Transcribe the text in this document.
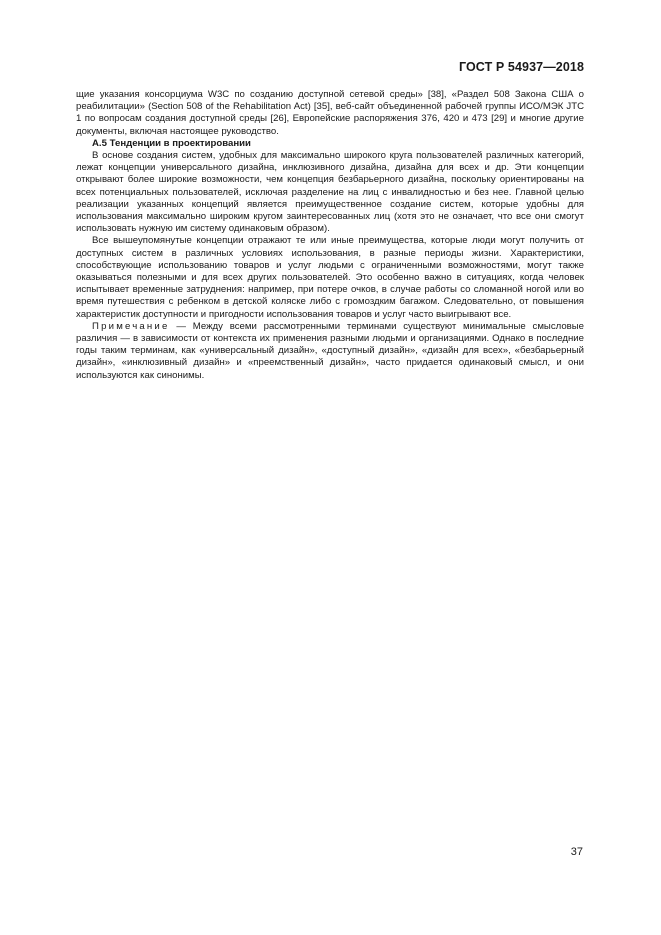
ГОСТ Р 54937—2018

щие указания консорциума W3C по созданию доступной сетевой среды» [38], «Раздел 508 Закона США о реабилитации» (Section 508 of the Rehabilitation Act) [35], веб-сайт объединенной рабочей группы ИСО/МЭК JTC 1 по вопросам создания доступной среды [26], Европейские распоряжения 376, 420 и 473 [29] и многие другие документы, включая настоящее руководство.

А.5 Тенденции в проектировании

В основе создания систем, удобных для максимально широкого круга пользователей различных категорий, лежат концепции универсального дизайна, инклюзивного дизайна, дизайна для всех и др. Эти концепции открывают более широкие возможности, чем концепция безбарьерного дизайна, поскольку ориентированы на всех потенциальных пользователей, исключая разделение на лиц с инвалидностью и без нее. Главной целью реализации указанных концепций является преимущественное создание систем, которые удобны для использования максимально широким кругом заинтересованных лиц (хотя это не означает, что все они смогут использовать нужную им систему одинаковым образом).

Все вышеупомянутые концепции отражают те или иные преимущества, которые люди могут получить от доступных систем в различных условиях использования, в разные периоды жизни. Характеристики, способствующие использованию товаров и услуг людьми с ограниченными возможностями, могут также оказываться полезными и для всех других пользователей. Это особенно важно в ситуациях, когда человек испытывает временные затруднения: например, при потере очков, в случае работы со сломанной ногой или во время путешествия с ребенком в детской коляске либо с громоздким багажом. Следовательно, от повышения характеристик доступности и пригодности использования товаров и услуг часто выигрывают все.

Примечание — Между всеми рассмотренными терминами существуют минимальные смысловые различия — в зависимости от контекста их применения разными людьми и организациями. Однако в последние годы таким терминам, как «универсальный дизайн», «доступный дизайн», «дизайн для всех», «безбарьерный дизайн», «инклюзивный дизайн» и «преемственный дизайн», часто придается одинаковый смысл, и они используются как синонимы.

37
